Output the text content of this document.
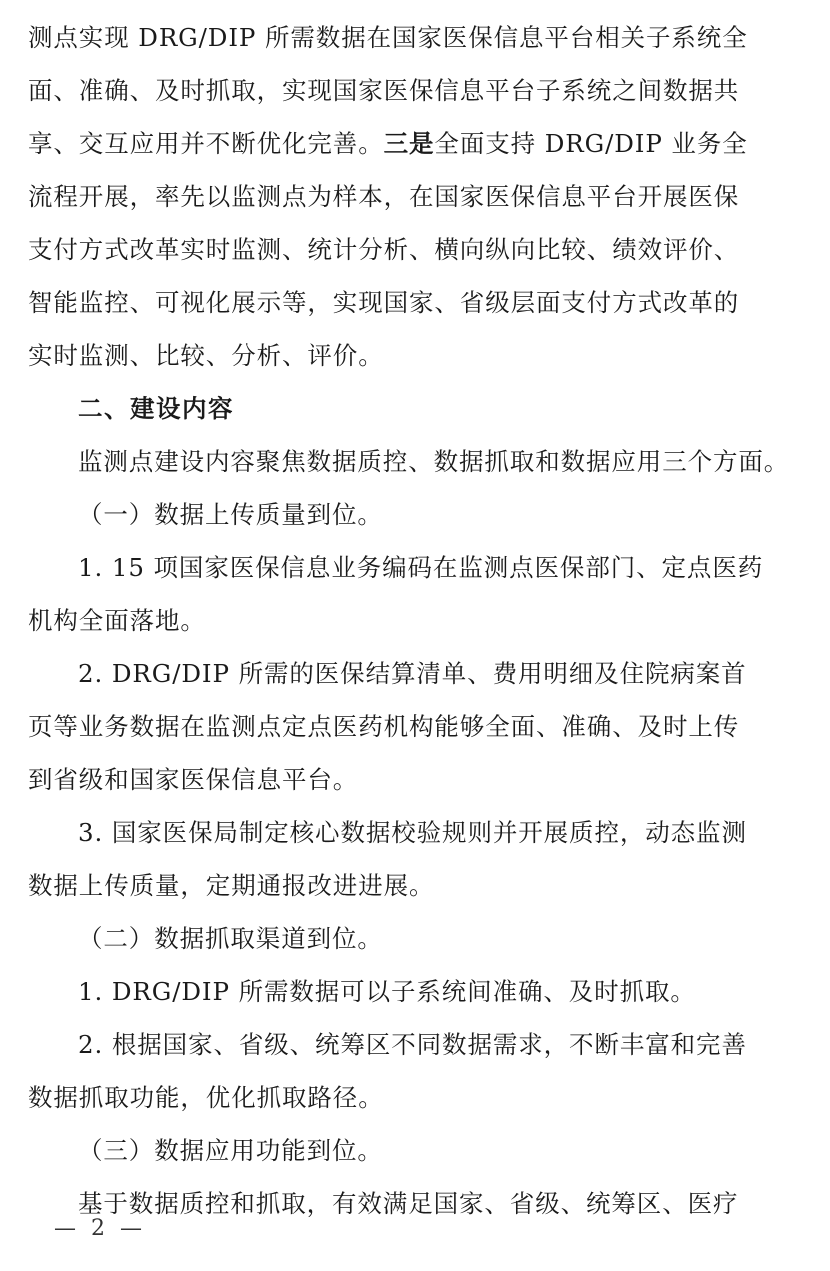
测点实现 DRG/DIP 所需数据在国家医保信息平台相关子系统全
面、准确、及时抓取，实现国家医保信息平台子系统之间数据共
享、交互应用并不断优化完善。三是全面支持 DRG/DIP 业务全
流程开展，率先以监测点为样本，在国家医保信息平台开展医保
支付方式改革实时监测、统计分析、横向纵向比较、绩效评价、
智能监控、可视化展示等，实现国家、省级层面支付方式改革的
实时监测、比较、分析、评价。
二、建设内容
监测点建设内容聚焦数据质控、数据抓取和数据应用三个方面。
（一）数据上传质量到位。
1. 15 项国家医保信息业务编码在监测点医保部门、定点医药
机构全面落地。
2. DRG/DIP 所需的医保结算清单、费用明细及住院病案首
页等业务数据在监测点定点医药机构能够全面、准确、及时上传
到省级和国家医保信息平台。
3. 国家医保局制定核心数据校验规则并开展质控，动态监测
数据上传质量，定期通报改进进展。
（二）数据抓取渠道到位。
1. DRG/DIP 所需数据可以子系统间准确、及时抓取。
2. 根据国家、省级、统筹区不同数据需求，不断丰富和完善
数据抓取功能，优化抓取路径。
（三）数据应用功能到位。
基于数据质控和抓取，有效满足国家、省级、统筹区、医疗
— 2 —
